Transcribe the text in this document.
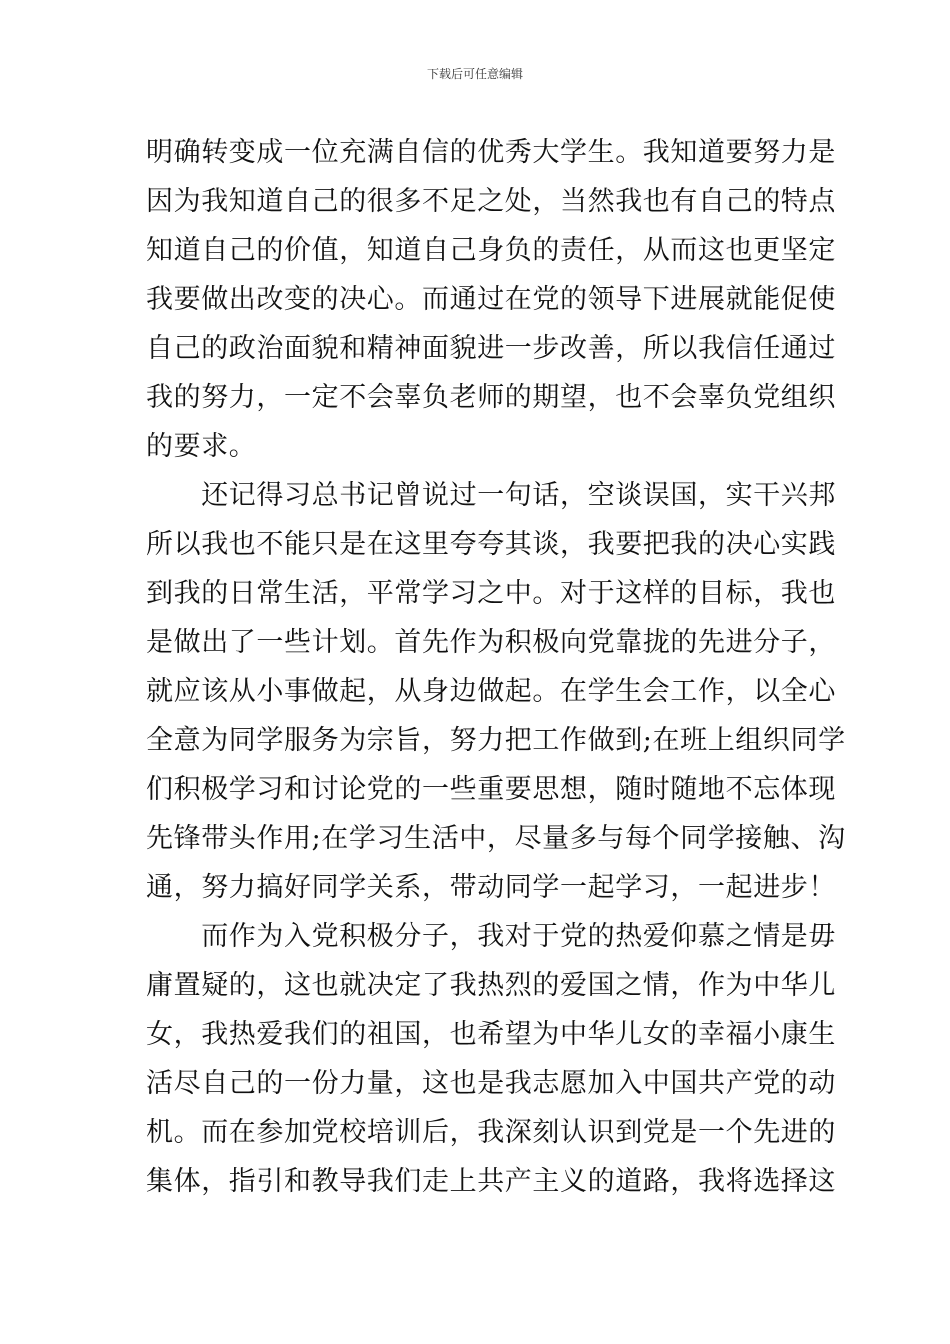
下载后可任意编辑
明确转变成一位充满自信的优秀大学生。我知道要努力是
因为我知道自己的很多不足之处，当然我也有自己的特点
知道自己的价值，知道自己身负的责任，从而这也更坚定
我要做出改变的决心。而通过在党的领导下进展就能促使
自己的政治面貌和精神面貌进一步改善，所以我信任通过
我的努力，一定不会辜负老师的期望，也不会辜负党组织
的要求。
　　还记得习总书记曾说过一句话，空谈误国，实干兴邦
所以我也不能只是在这里夸夸其谈，我要把我的决心实践
到我的日常生活，平常学习之中。对于这样的目标，我也
是做出了一些计划。首先作为积极向党靠拢的先进分子，
就应该从小事做起，从身边做起。在学生会工作，以全心
全意为同学服务为宗旨，努力把工作做到;在班上组织同学
们积极学习和讨论党的一些重要思想，随时随地不忘体现
先锋带头作用;在学习生活中，尽量多与每个同学接触、沟
通，努力搞好同学关系，带动同学一起学习，一起进步！
　　而作为入党积极分子，我对于党的热爱仰慕之情是毋
庸置疑的，这也就决定了我热烈的爱国之情，作为中华儿
女，我热爱我们的祖国，也希望为中华儿女的幸福小康生
活尽自己的一份力量，这也是我志愿加入中国共产党的动
机。而在参加党校培训后，我深刻认识到党是一个先进的
集体，指引和教导我们走上共产主义的道路，我将选择这
